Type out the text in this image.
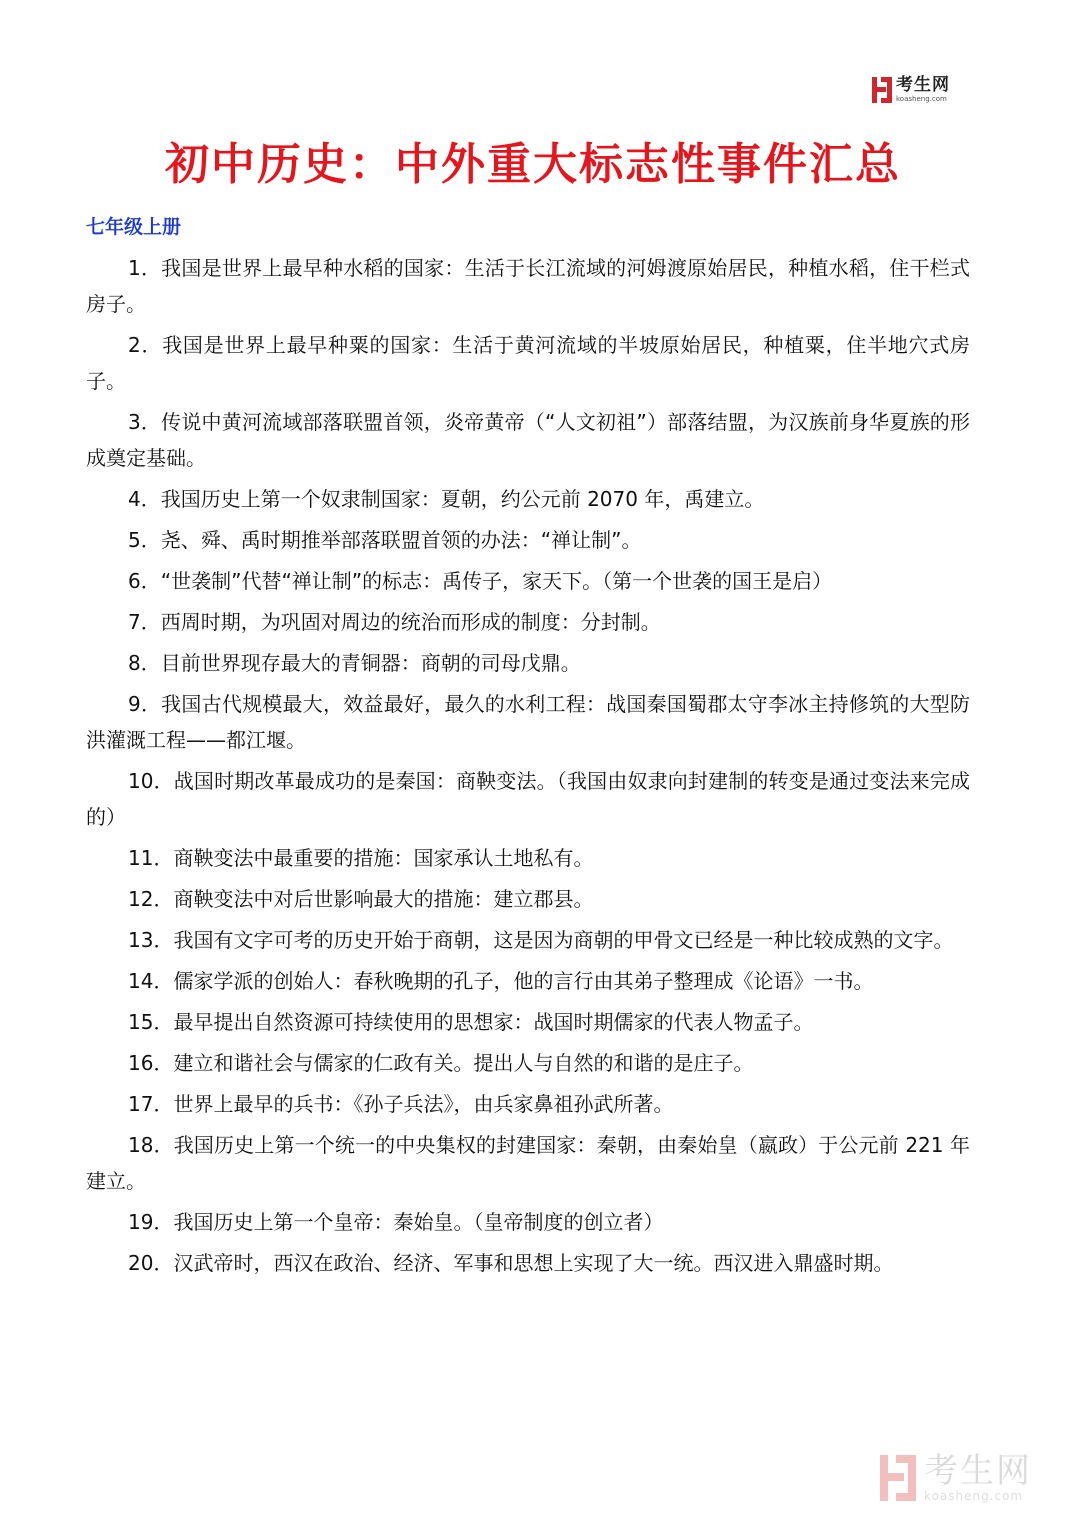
考生网
koasheng.com
初中历史：中外重大标志性事件汇总
七年级上册

1．我国是世界上最早种水稻的国家：生活于长江流域的河姆渡原始居民，种植水稻，住干栏式房子。

2．我国是世界上最早种粟的国家：生活于黄河流域的半坡原始居民，种植粟，住半地穴式房子。

3．传说中黄河流域部落联盟首领，炎帝黄帝（“人文初祖”）部落结盟，为汉族前身华夏族的形成奠定基础。

4．我国历史上第一个奴隶制国家：夏朝，约公元前 2070 年，禹建立。

5．尧、舜、禹时期推举部落联盟首领的办法：“禅让制”。

6．“世袭制”代替“禅让制”的标志：禹传子，家天下。（第一个世袭的国王是启）

7．西周时期，为巩固对周边的统治而形成的制度：分封制。

8．目前世界现存最大的青铜器：商朝的司母戊鼎。

9．我国古代规模最大，效益最好，最久的水利工程：战国秦国蜀郡太守李冰主持修筑的大型防洪灌溉工程——都江堰。

10．战国时期改革最成功的是秦国：商鞅变法。（我国由奴隶向封建制的转变是通过变法来完成的）

11．商鞅变法中最重要的措施：国家承认土地私有。

12．商鞅变法中对后世影响最大的措施：建立郡县。

13．我国有文字可考的历史开始于商朝，这是因为商朝的甲骨文已经是一种比较成熟的文字。

14．儒家学派的创始人：春秋晚期的孔子，他的言行由其弟子整理成《论语》一书。

15．最早提出自然资源可持续使用的思想家：战国时期儒家的代表人物孟子。

16．建立和谐社会与儒家的仁政有关。提出人与自然的和谐的是庄子。

17．世界上最早的兵书：《孙子兵法》，由兵家鼻祖孙武所著。

18．我国历史上第一个统一的中央集权的封建国家：秦朝，由秦始皇（嬴政）于公元前 221 年建立。

19．我国历史上第一个皇帝：秦始皇。（皇帝制度的创立者）

20．汉武帝时，西汉在政治、经济、军事和思想上实现了大一统。西汉进入鼎盛时期。

考生网
koasheng.com
